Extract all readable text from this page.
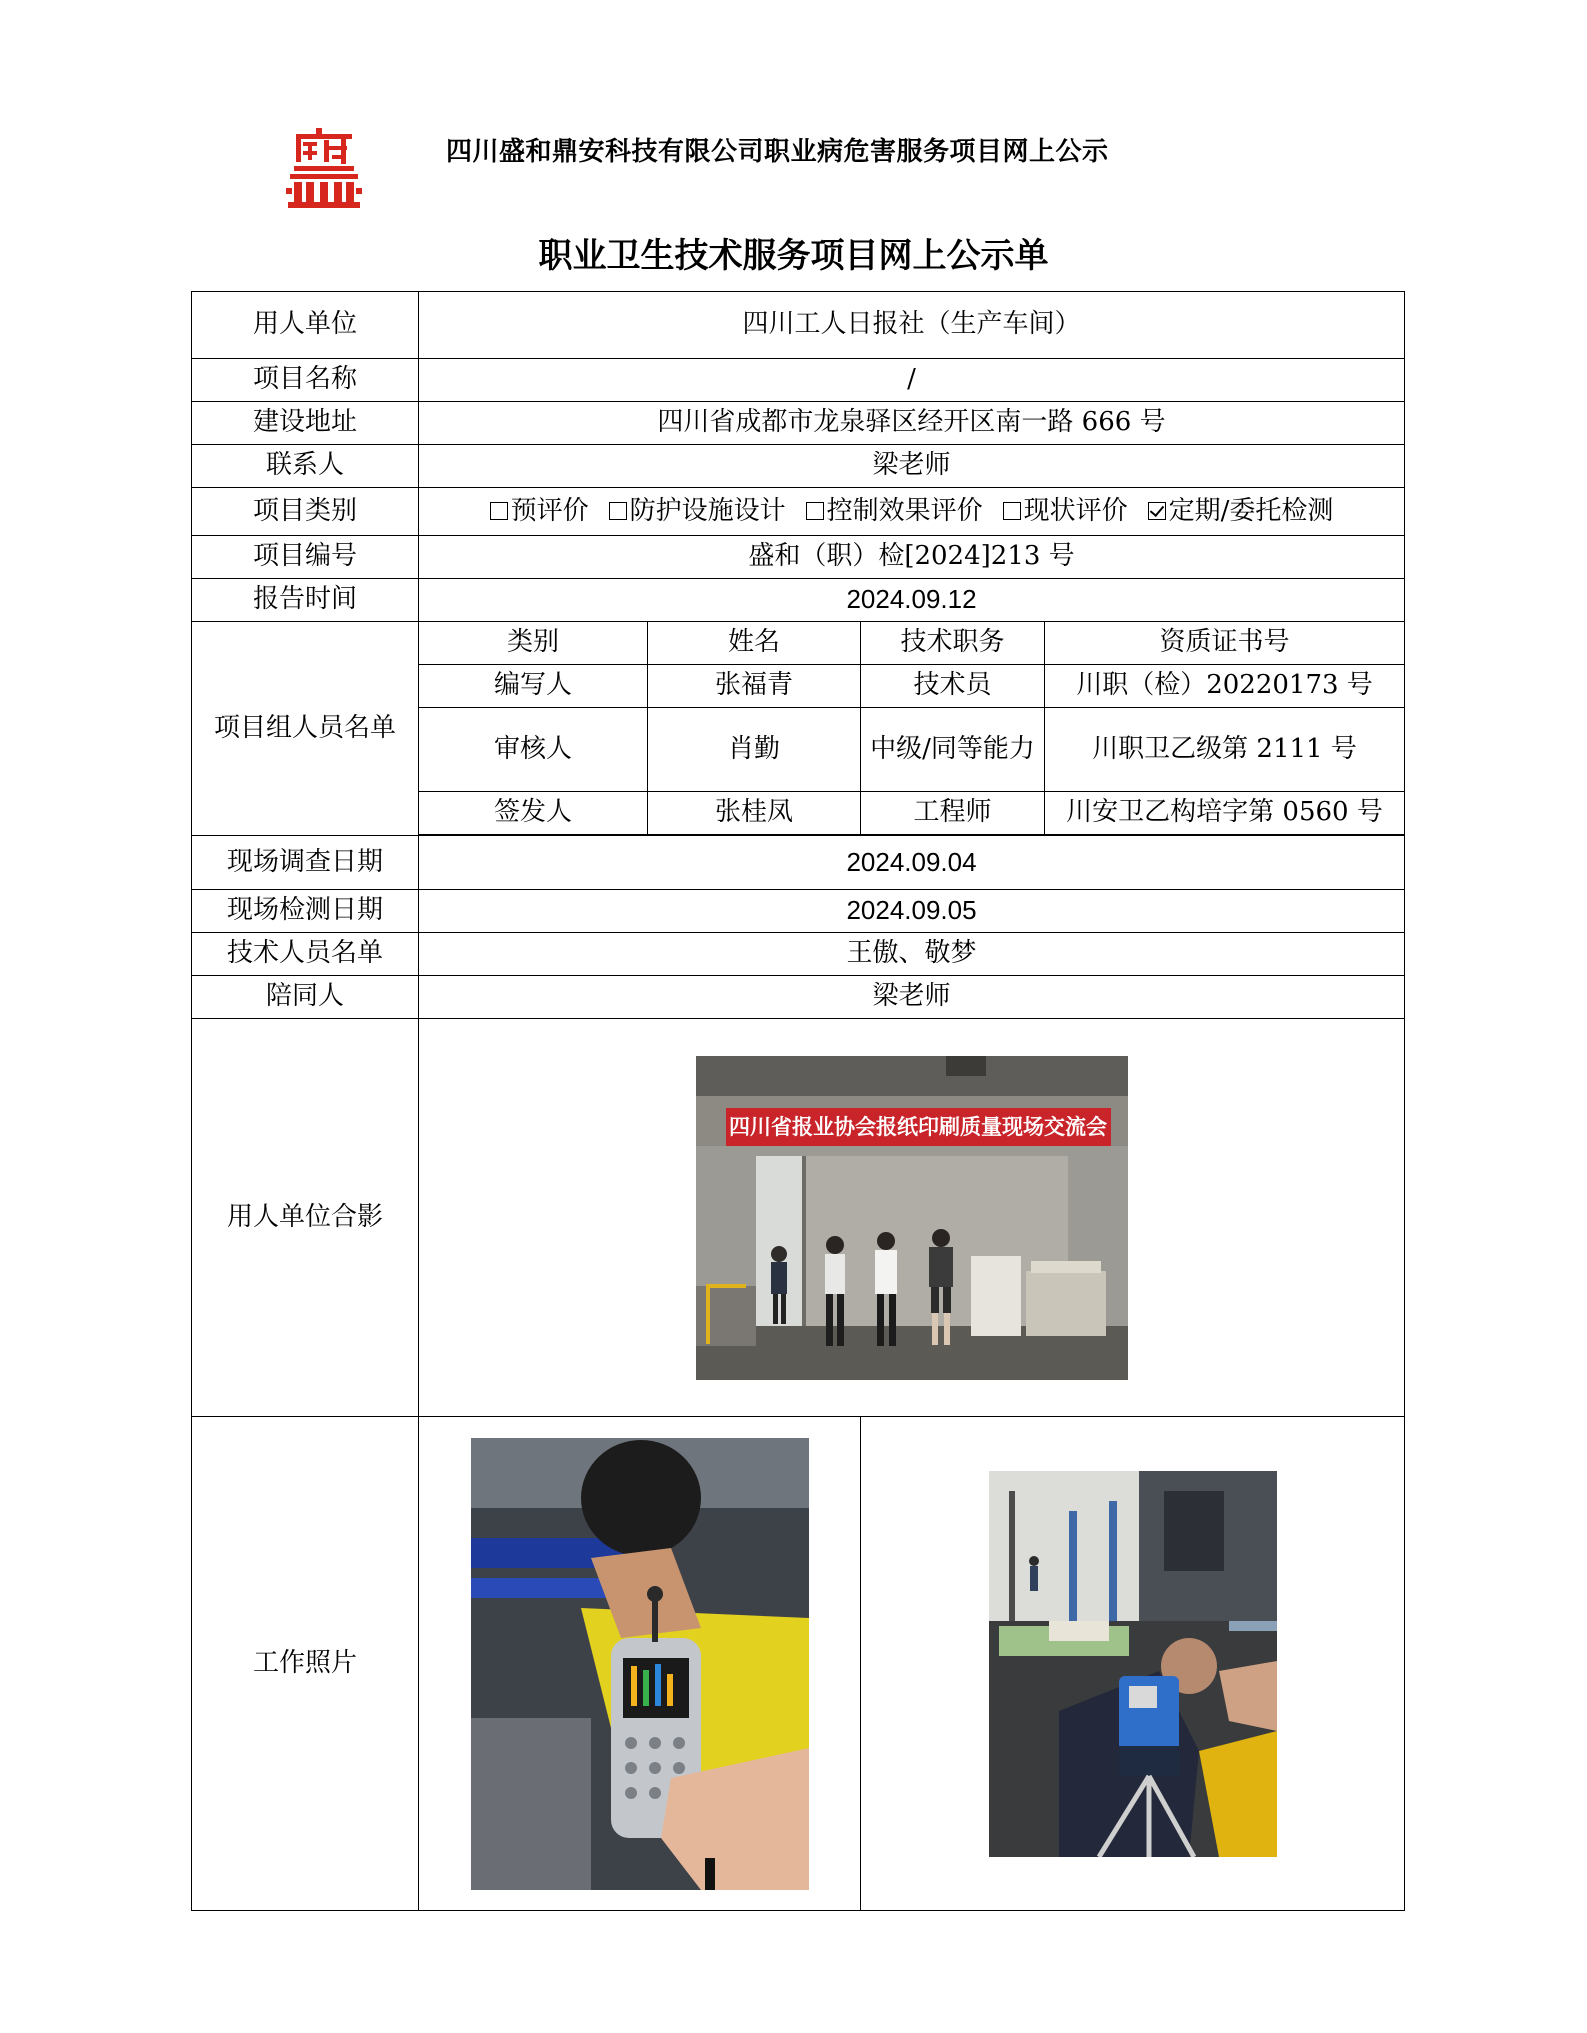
四川盛和鼎安科技有限公司职业病危害服务项目网上公示
职业卫生技术服务项目网上公示单
用人单位	四川工人日报社（生产车间）			
项目名称	/			
建设地址	四川省成都市龙泉驿区经开区南一路 666 号			
联系人	梁老师			
项目类别	预评价 防护设施设计 控制效果评价 现状评价 定期/委托检测			
项目编号	盛和（职）检[2024]213 号			
报告时间	2024.09.12			
项目组人员名单	类别	姓名	技术职务	资质证书号
	编写人	张福青	技术员	川职（检）20220173 号
	审核人	肖勤	中级/同等能力	川职卫乙级第 2111 号
	签发人	张桂凤	工程师	川安卫乙构培字第 0560 号

现场调查日期	2024.09.04			
现场检测日期	2024.09.05			
技术人员名单	王傲、敬梦			
陪同人	梁老师			
用人单位合影	四川省报业协会报纸印刷质量现场交流会			

工作照片	
